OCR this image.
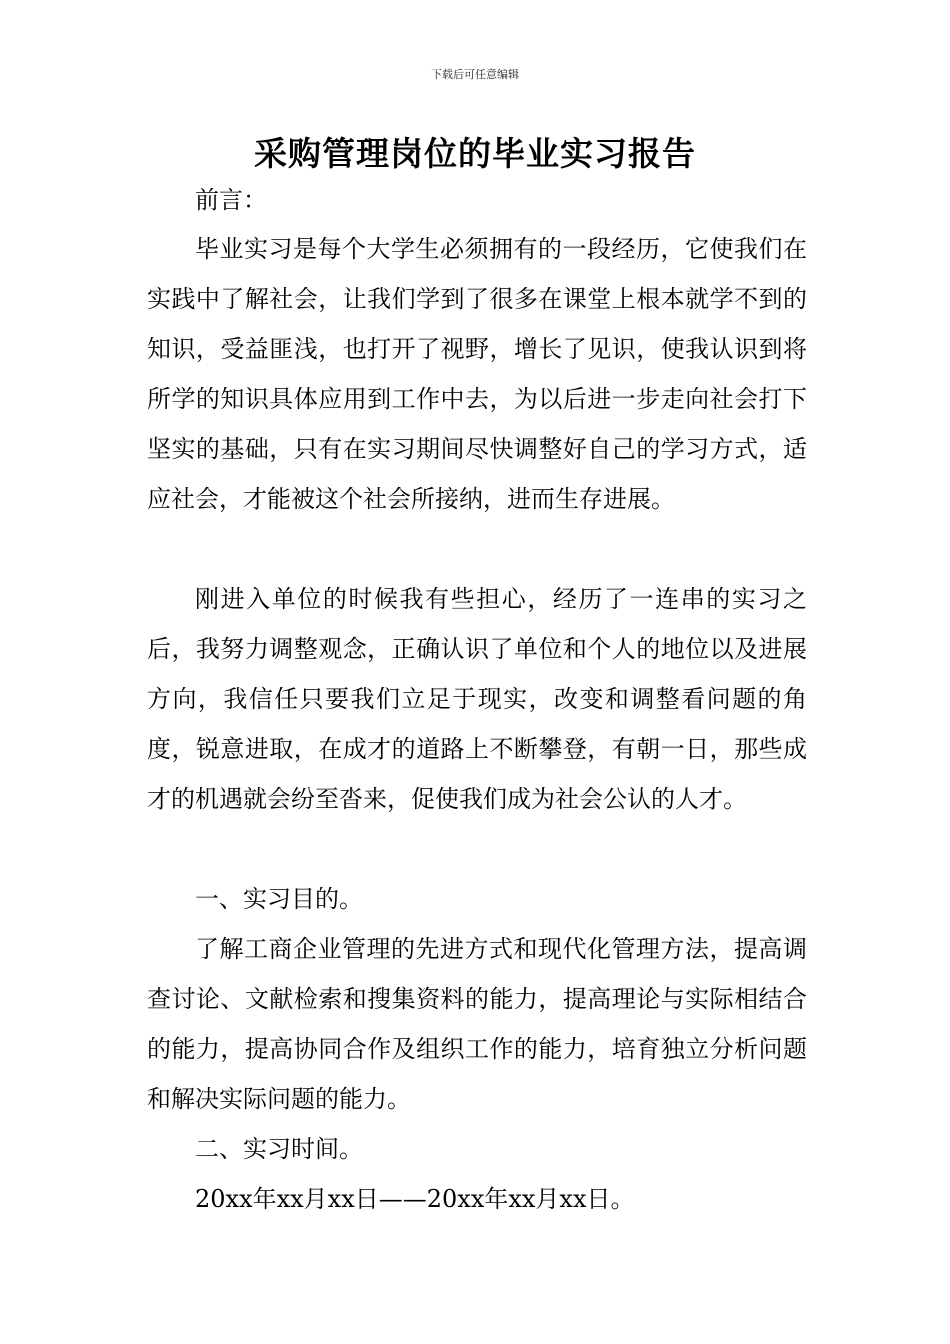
下载后可任意编辑
采购管理岗位的毕业实习报告

前言：

毕业实习是每个大学生必须拥有的一段经历，它使我们在实践中了解社会，让我们学到了很多在课堂上根本就学不到的知识，受益匪浅，也打开了视野，增长了见识，使我认识到将所学的知识具体应用到工作中去，为以后进一步走向社会打下坚实的基础，只有在实习期间尽快调整好自己的学习方式，适应社会，才能被这个社会所接纳，进而生存进展。

刚进入单位的时候我有些担心，经历了一连串的实习之后，我努力调整观念，正确认识了单位和个人的地位以及进展方向，我信任只要我们立足于现实，改变和调整看问题的角度，锐意进取，在成才的道路上不断攀登，有朝一日，那些成才的机遇就会纷至沓来，促使我们成为社会公认的人才。

一、实习目的。

了解工商企业管理的先进方式和现代化管理方法，提高调查讨论、文献检索和搜集资料的能力，提高理论与实际相结合的能力，提高协同合作及组织工作的能力，培育独立分析问题和解决实际问题的能力。

二、实习时间。

20xx年xx月xx日——20xx年xx月xx日。
